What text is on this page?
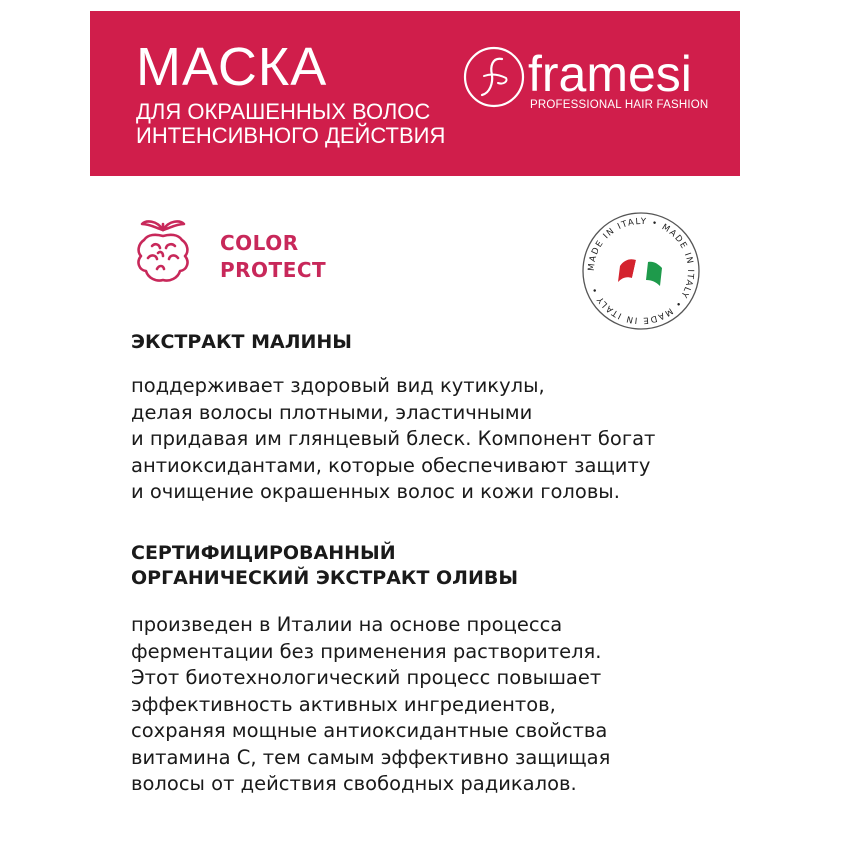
МАСКА
ДЛЯ ОКРАШЕННЫХ ВОЛОС
ИНТЕНСИВНОГО ДЕЙСТВИЯ
framesi
PROFESSIONAL HAIR FASHION
COLOR
PROTECT	MADE IN ITALY • MADE IN ITALY • MADE IN ITALY •
ЭКСТРАКТ МАЛИНЫ
поддерживает здоровый вид кутикулы,
делая волосы плотными, эластичными
и придавая им глянцевый блеск. Компонент богат
антиоксидантами, которые обеспечивают защиту
и очищение окрашенных волос и кожи головы.
СЕРТИФИЦИРОВАННЫЙ
ОРГАНИЧЕСКИЙ ЭКСТРАКТ ОЛИВЫ
произведен в Италии на основе процесса
ферментации без применения растворителя.
Этот биотехнологический процесс повышает
эффективность активных ингредиентов,
сохраняя мощные антиоксидантные свойства
витамина С, тем самым эффективно защищая
волосы от действия свободных радикалов.
